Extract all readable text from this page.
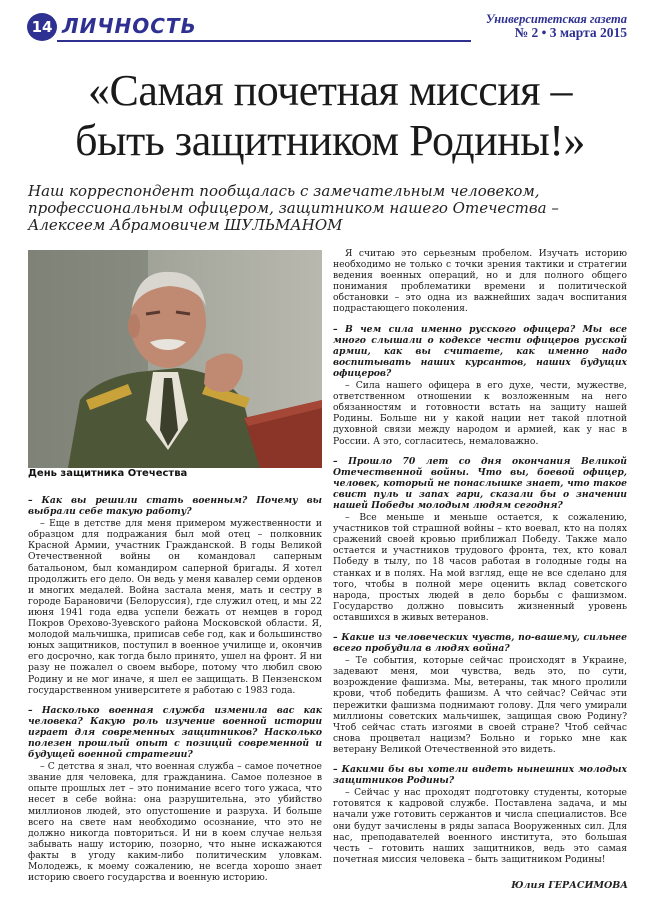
14 ЛИЧНОСТЬ	Университетская газета
№ 2 • 3 марта 2015
«Самая почетная миссия –
быть защитником Родины!»
Наш корреспондент пообщалась с замечательным человеком, профессиональным офицером, защитником нашего Отечества – Алексеем Абрамовичем ШУЛЬМАНОМ
День защитника Отечества
– Как вы решили стать военным? Почему вы выбрали себе такую работу?
– Еще в детстве для меня примером мужественности и образцом для подражания был мой отец – полковник Красной Армии, участник Гражданской. В годы Великой Отечественной войны он командовал саперным батальоном, был командиром саперной бригады. Я хотел продолжить его дело. Он ведь у меня кавалер семи орденов и многих медалей. Война застала меня, мать и сестру в городе Барановичи (Белоруссия), где служил отец, и мы 22 июня 1941 года едва успели бежать от немцев в город Покров Орехово-Зуевского района Московской области. Я, молодой мальчишка, приписав себе год, как и большинство юных защитников, поступил в военное училище и, окончив его досрочно, как тогда было принято, ушел на фронт. Я ни разу не пожалел о своем выборе, потому что любил свою Родину и не мог иначе, я шел ее защищать. В Пензенском государственном университете я работаю с 1983 года.
– Насколько военная служба изменила вас как человека? Какую роль изучение военной истории играет для современных защитников? Насколько полезен прошлый опыт с позиций современной и будущей военной стратегии?
– С детства я знал, что военная служба – самое почетное звание для человека, для гражданина. Самое полезное в опыте прошлых лет – это понимание всего того ужаса, что несет в себе война: она разрушительна, это убийство миллионов людей, это опустошение и разруха. И больше всего на свете нам необходимо осознание, что это не должно никогда повториться. И ни в коем случае нельзя забывать нашу историю, позорно, что ныне искажаются факты в угоду каким-либо политическим уловкам. Молодежь, к моему сожалению, не всегда хорошо знает историю своего государства и военную историю.
Я считаю это серьезным пробелом. Изучать историю необходимо не только с точки зрения тактики и стратегии ведения военных операций, но и для полного общего понимания проблематики времени и политической обстановки – это одна из важнейших задач воспитания подрастающего поколения.
– В чем сила именно русского офицера? Мы все много слышали о кодексе чести офицеров русской армии, как вы считаете, как именно надо воспитывать наших курсантов, наших будущих офицеров?
– Сила нашего офицера в его духе, чести, мужестве, ответственном отношении к возложенным на него обязанностям и готовности встать на защиту нашей Родины. Больше ни у какой нации нет такой плотной духовной связи между народом и армией, как у нас в России. А это, согласитесь, немаловажно.
– Прошло 70 лет со дня окончания Великой Отечественной войны. Что вы, боевой офицер, человек, который не понаслышке знает, что такое свист пуль и запах гари, сказали бы о значении нашей Победы молодым людям сегодня?
– Все меньше и меньше остается, к сожалению, участников той страшной войны – кто воевал, кто на полях сражений своей кровью приближал Победу. Также мало остается и участников трудового фронта, тех, кто ковал Победу в тылу, по 18 часов работая в голодные годы на станках и в полях. На мой взгляд, еще не все сделано для того, чтобы в полной мере оценить вклад советского народа, простых людей в дело борьбы с фашизмом. Государство должно повысить жизненный уровень оставшихся в живых ветеранов.
– Какие из человеческих чувств, по-вашему, сильнее всего пробудила в людях война?
– Те события, которые сейчас происходят в Украине, задевают меня, мои чувства, ведь это, по сути, возрождение фашизма. Мы, ветераны, так много пролили крови, чтоб победить фашизм. А что сейчас? Сейчас эти пережитки фашизма поднимают голову. Для чего умирали миллионы советских мальчишек, защищая свою Родину? Чтоб сейчас стать изгоями в своей стране? Чтоб сейчас снова процветал нацизм? Больно и горько мне как ветерану Великой Отечественной это видеть.
– Какими бы вы хотели видеть нынешних молодых защитников Родины?
– Сейчас у нас проходят подготовку студенты, которые готовятся к кадровой службе. Поставлена задача, и мы начали уже готовить сержантов и числа специалистов. Все они будут зачислены в ряды запаса Вооруженных сил. Для нас, преподавателей военного института, это большая честь – готовить наших защитников, ведь это самая почетная миссия человека – быть защитником Родины!
Юлия ГЕРАСИМОВА
